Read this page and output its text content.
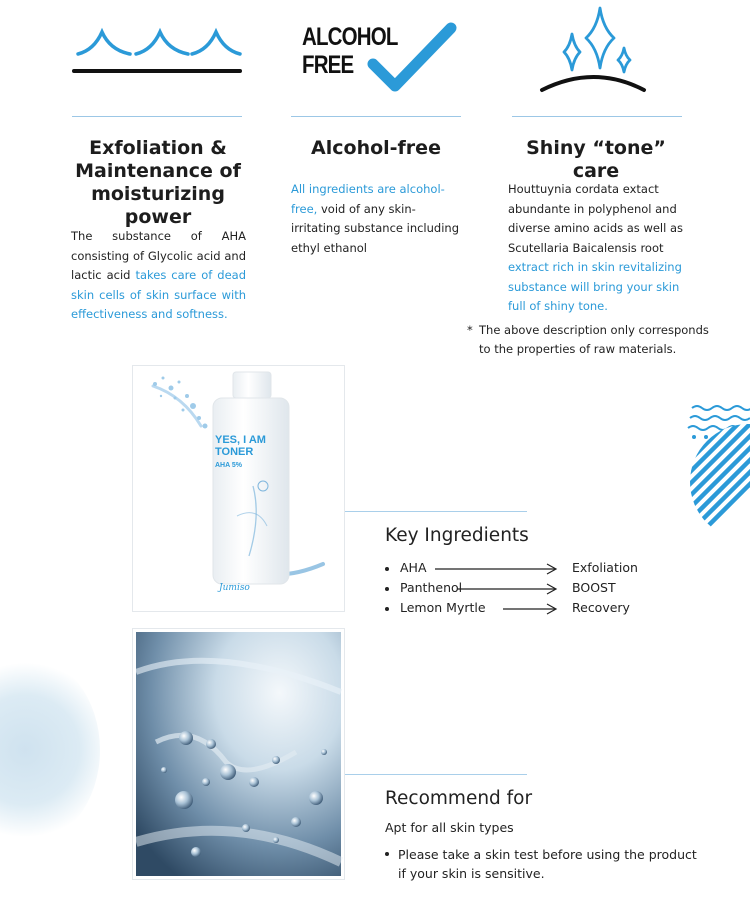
ALCOHOL
FREE
Exfoliation &
Maintenance of
moisturizing power
Alcohol-free	Shiny “tone” care
The substance of AHA consisting of Glycolic acid and lactic acid takes care of dead skin cells of skin surface with effectiveness and softness.
All ingredients are alcohol-free, void of any skin-irritating substance including ethyl ethanol
Houttuynia cordata extact abundante in polyphenol and diverse amino acids as well as Scutellaria Baicalensis root extract rich in skin revitalizing substance will bring your skin full of shiny tone.
* The above description only corresponds
to the properties of raw materials.
YES, I AM
TONER
AHA 5%
Jumiso
Key Ingredients
AHA	Exfoliation
Panthenol	BOOST
Lemon Myrtle	Recovery
Recommend for
Apt for all skin types
Please take a skin test before using the product
if your skin is sensitive.
